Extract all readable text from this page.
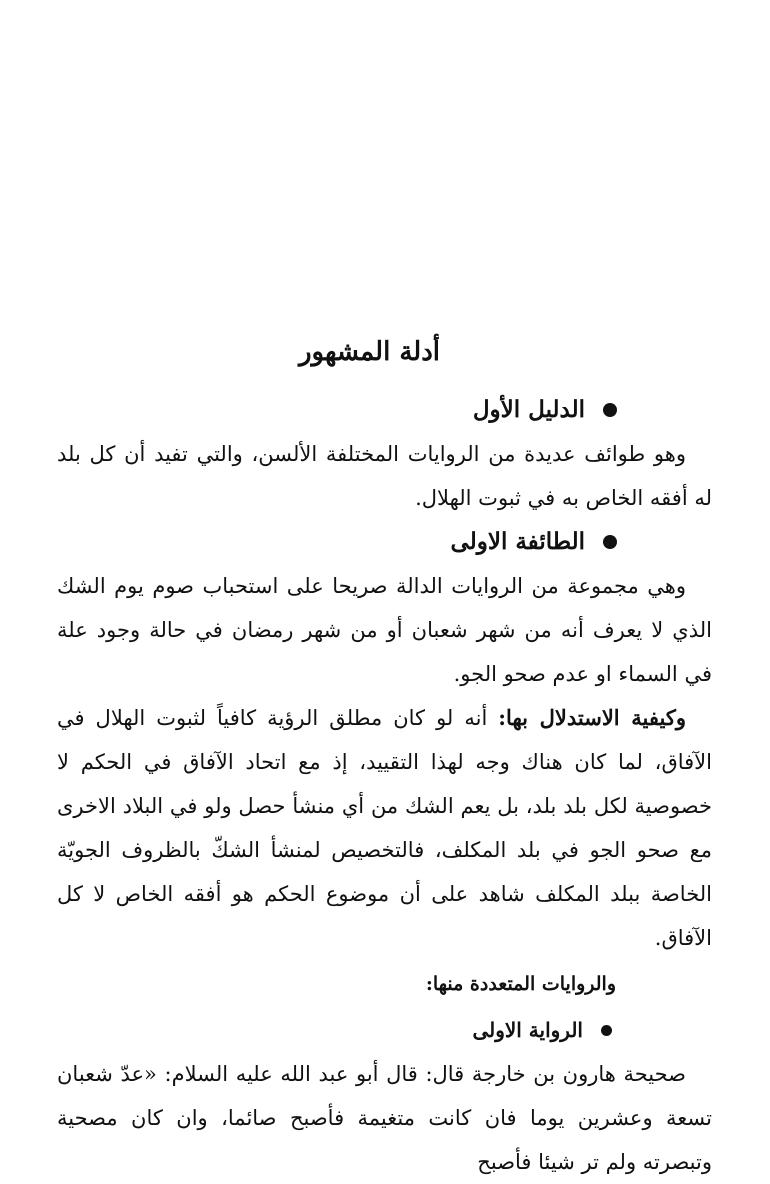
أدلة المشهور
الدليل الأول

وهو طوائف عديدة من الروايات المختلفة الألسن، والتي تفيد أن كل بلد له أفقه الخاص به في ثبوت الهلال.

الطائفة الاولى

وهي مجموعة من الروايات الدالة صريحا على استحباب صوم يوم الشك الذي لا يعرف أنه من شهر شعبان أو من شهر رمضان في حالة وجود علة في السماء او عدم صحو الجو.

وكيفية الاستدلال بها: أنه لو كان مطلق الرؤية كافياً لثبوت الهلال في الآفاق، لما كان هناك وجه لهذا التقييد، إذ مع اتحاد الآفاق في الحكم لا خصوصية لكل بلد بلد، بل يعم الشك من أي منشأ حصل ولو في البلاد الاخرى مع صحو الجو في بلد المكلف، فالتخصيص لمنشأ الشكّ بالظروف الجويّة الخاصة ببلد المكلف شاهد على أن موضوع الحكم هو أفقه الخاص لا كل الآفاق.

والروايات المتعددة منها:
الرواية الاولى

صحيحة هارون بن خارجة قال: قال أبو عبد الله عليه السلام: «عدّ شعبان تسعة وعشرين يوما فان كانت متغيمة فأصبح صائما، وان كان مصحية وتبصرته ولم تر شيئا فأصبح
